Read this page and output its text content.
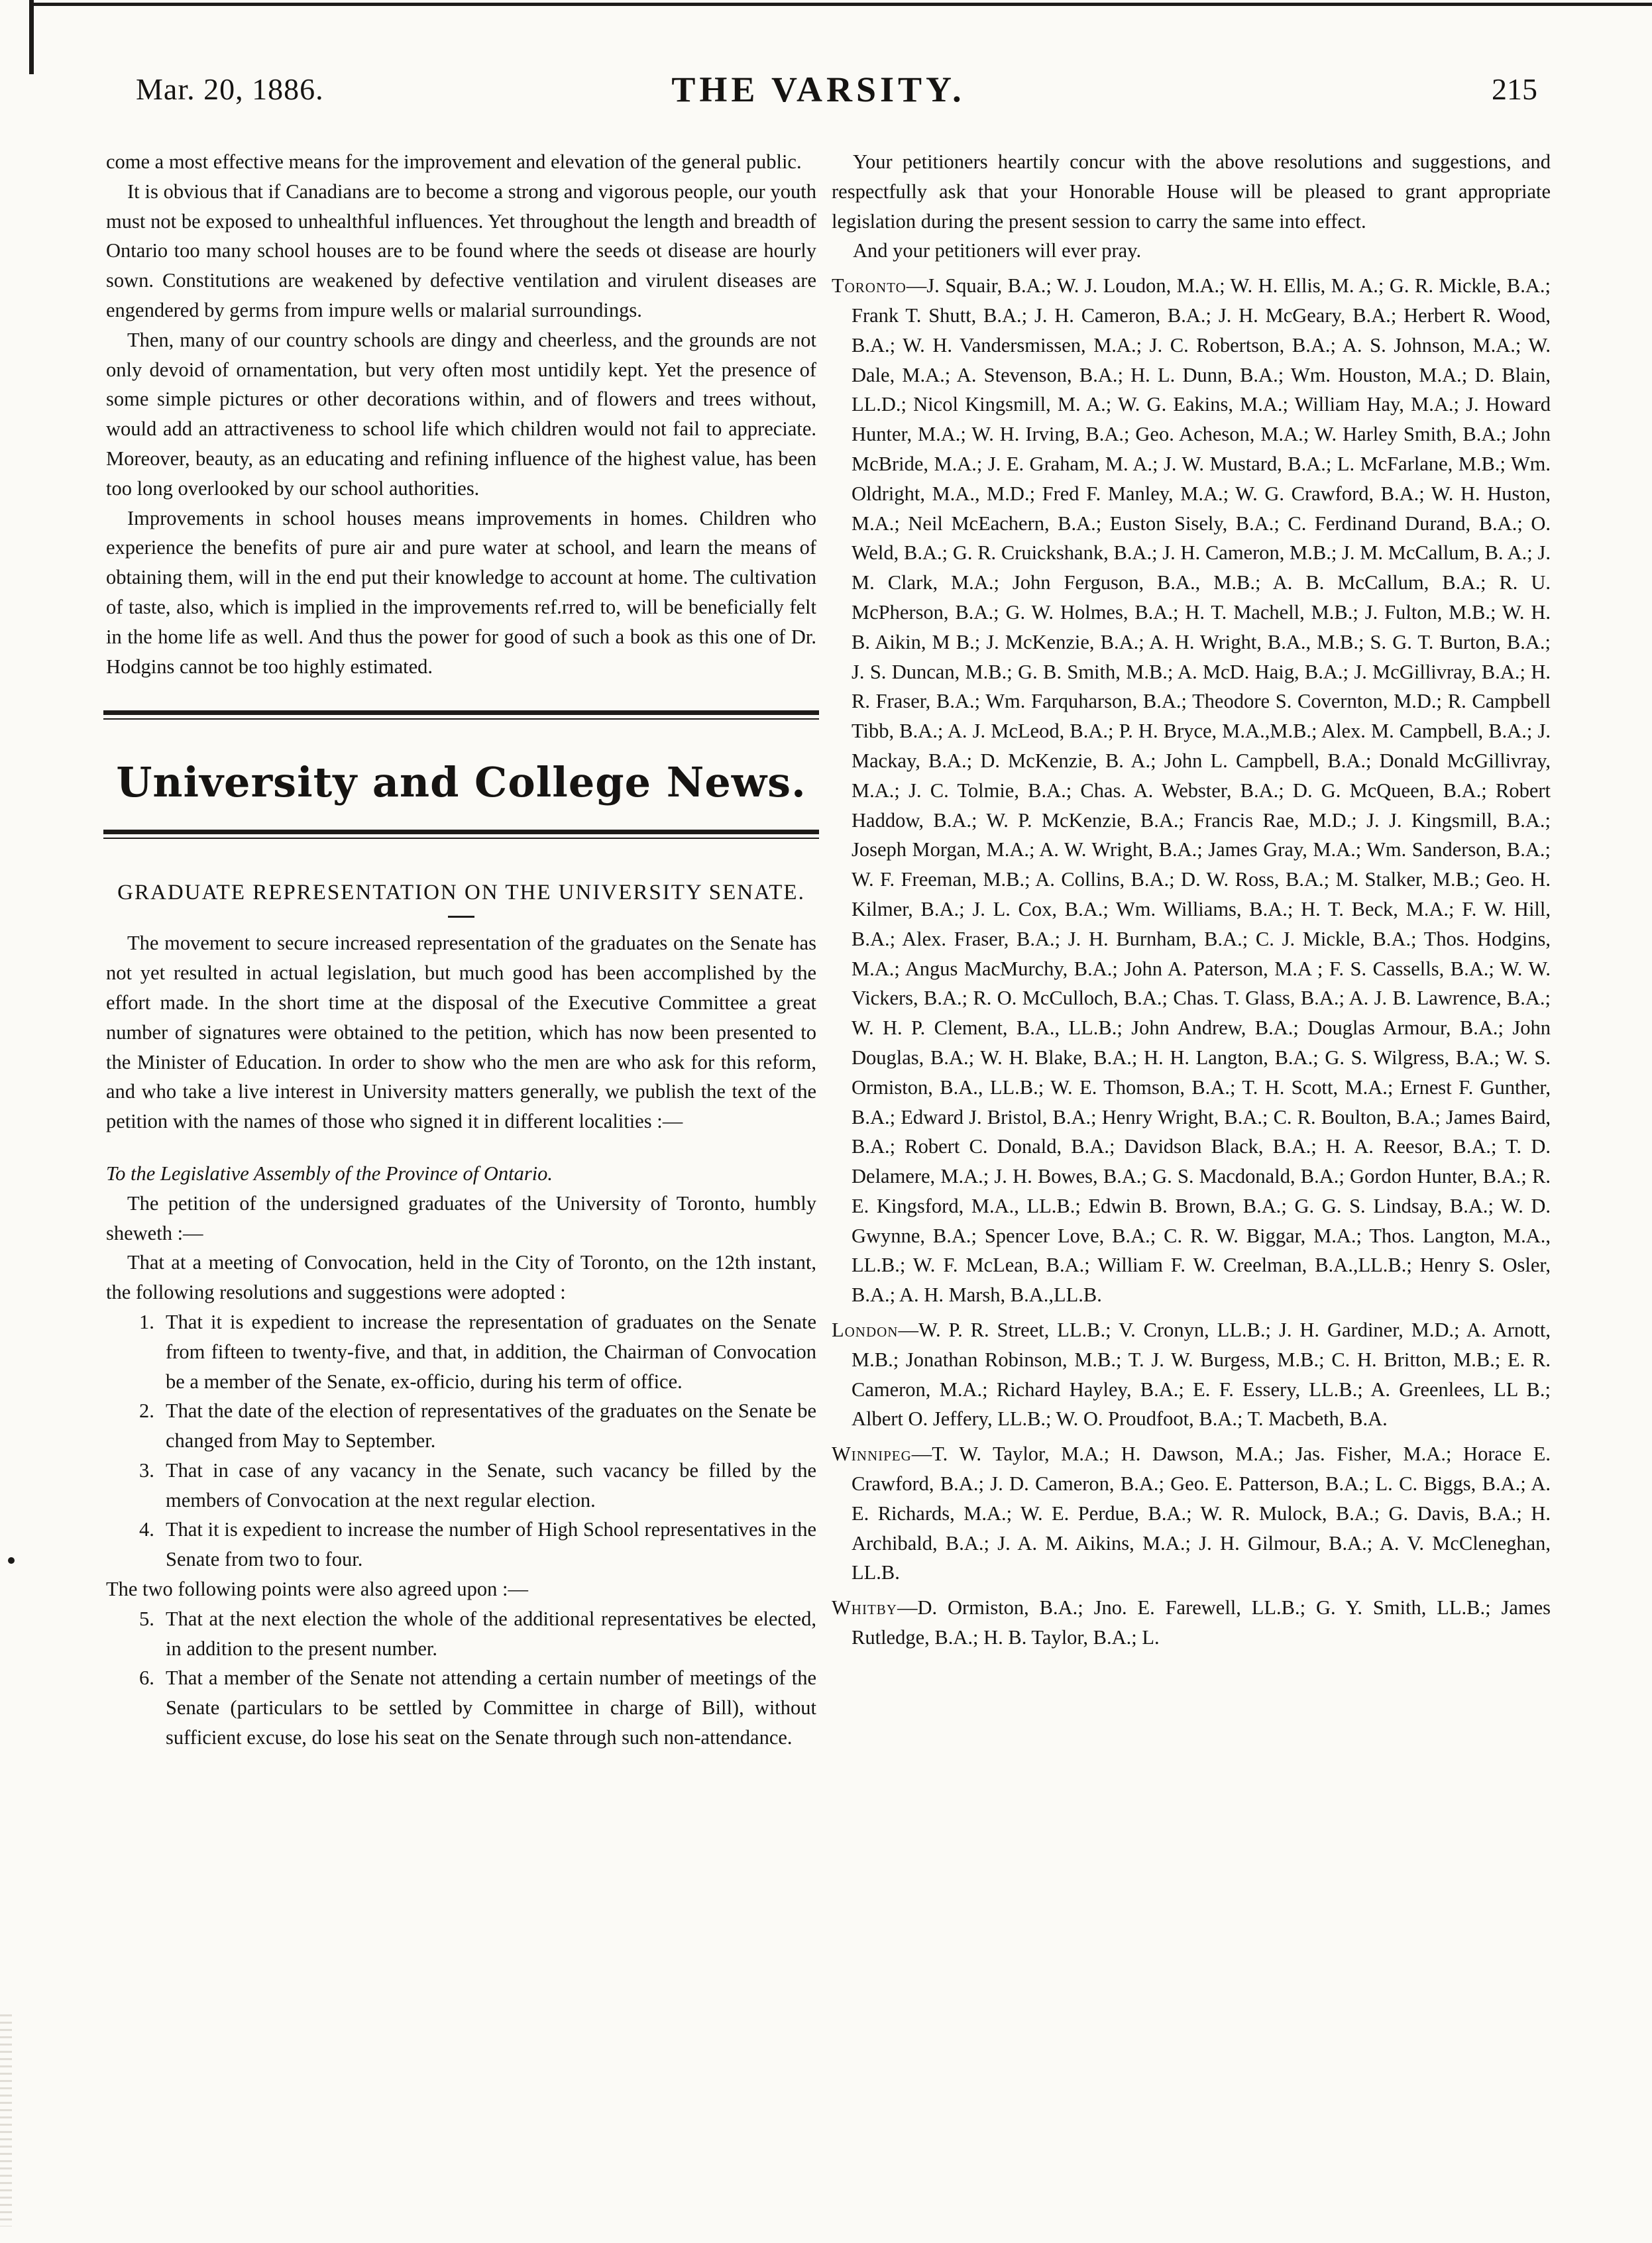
Mar. 20, 1886.	THE VARSITY.	215

come a most effective means for the improvement and elevation of the general public.

It is obvious that if Canadians are to become a strong and vigorous people, our youth must not be exposed to unhealthful influences. Yet throughout the length and breadth of Ontario too many school houses are to be found where the seeds ot disease are hourly sown. Constitutions are weakened by defective ventilation and virulent diseases are engendered by germs from impure wells or malarial surroundings.

Then, many of our country schools are dingy and cheerless, and the grounds are not only devoid of ornamentation, but very often most untidily kept. Yet the presence of some simple pictures or other decorations within, and of flowers and trees without, would add an attractiveness to school life which children would not fail to appreciate. Moreover, beauty, as an educating and refining influence of the highest value, has been too long overlooked by our school authorities.

Improvements in school houses means improvements in homes. Children who experience the benefits of pure air and pure water at school, and learn the means of obtaining them, will in the end put their knowledge to account at home. The cultivation of taste, also, which is implied in the improvements ref.rred to, will be beneficially felt in the home life as well. And thus the power for good of such a book as this one of Dr. Hodgins cannot be too highly estimated.

University and College News.
GRADUATE REPRESENTATION ON THE UNIVERSITY SENATE.

The movement to secure increased representation of the graduates on the Senate has not yet resulted in actual legislation, but much good has been accomplished by the effort made. In the short time at the disposal of the Executive Committee a great number of signatures were obtained to the petition, which has now been presented to the Minister of Education. In order to show who the men are who ask for this reform, and who take a live interest in University matters generally, we publish the text of the petition with the names of those who signed it in different localities :—

To the Legislative Assembly of the Province of Ontario.

The petition of the undersigned graduates of the University of Toronto, humbly sheweth :—

That at a meeting of Convocation, held in the City of Toronto, on the 12th instant, the following resolutions and suggestions were adopted :

1. That it is expedient to increase the representation of graduates on the Senate from fifteen to twenty-five, and that, in addition, the Chairman of Convocation be a member of the Senate, ex-officio, during his term of office.
2. That the date of the election of representatives of the graduates on the Senate be changed from May to September.
3. That in case of any vacancy in the Senate, such vacancy be filled by the members of Convocation at the next regular election.
4. That it is expedient to increase the number of High School representatives in the Senate from two to four.

The two following points were also agreed upon :—

5. That at the next election the whole of the additional representatives be elected, in addition to the present number.
6. That a member of the Senate not attending a certain number of meetings of the Senate (particulars to be settled by Committee in charge of Bill), without sufficient excuse, do lose his seat on the Senate through such non-attendance.

Your petitioners heartily concur with the above resolutions and suggestions, and respectfully ask that your Honorable House will be pleased to grant appropriate legislation during the present session to carry the same into effect.

And your petitioners will ever pray.

Toronto—J. Squair, B.A.; W. J. Loudon, M.A.; W. H. Ellis, M. A.; G. R. Mickle, B.A.; Frank T. Shutt, B.A.; J. H. Cameron, B.A.; J. H. McGeary, B.A.; Herbert R. Wood, B.A.; W. H. Vandersmissen, M.A.; J. C. Robertson, B.A.; A. S. Johnson, M.A.; W. Dale, M.A.; A. Stevenson, B.A.; H. L. Dunn, B.A.; Wm. Houston, M.A.; D. Blain, LL.D.; Nicol Kingsmill, M. A.; W. G. Eakins, M.A.; William Hay, M.A.; J. Howard Hunter, M.A.; W. H. Irving, B.A.; Geo. Acheson, M.A.; W. Harley Smith, B.A.; John McBride, M.A.; J. E. Graham, M. A.; J. W. Mustard, B.A.; L. McFarlane, M.B.; Wm. Oldright, M.A., M.D.; Fred F. Manley, M.A.; W. G. Crawford, B.A.; W. H. Huston, M.A.; Neil McEachern, B.A.; Euston Sisely, B.A.; C. Ferdinand Durand, B.A.; O. Weld, B.A.; G. R. Cruickshank, B.A.; J. H. Cameron, M.B.; J. M. McCallum, B. A.; J. M. Clark, M.A.; John Ferguson, B.A., M.B.; A. B. McCallum, B.A.; R. U. McPherson, B.A.; G. W. Holmes, B.A.; H. T. Machell, M.B.; J. Fulton, M.B.; W. H. B. Aikin, M B.; J. McKenzie, B.A.; A. H. Wright, B.A., M.B.; S. G. T. Burton, B.A.; J. S. Duncan, M.B.; G. B. Smith, M.B.; A. McD. Haig, B.A.; J. McGillivray, B.A.; H. R. Fraser, B.A.; Wm. Farquharson, B.A.; Theodore S. Covernton, M.D.; R. Campbell Tibb, B.A.; A. J. McLeod, B.A.; P. H. Bryce, M.A.,M.B.; Alex. M. Campbell, B.A.; J. Mackay, B.A.; D. McKenzie, B. A.; John L. Campbell, B.A.; Donald McGillivray, M.A.; J. C. Tolmie, B.A.; Chas. A. Webster, B.A.; D. G. McQueen, B.A.; Robert Haddow, B.A.; W. P. McKenzie, B.A.; Francis Rae, M.D.; J. J. Kingsmill, B.A.; Joseph Morgan, M.A.; A. W. Wright, B.A.; James Gray, M.A.; Wm. Sanderson, B.A.; W. F. Freeman, M.B.; A. Collins, B.A.; D. W. Ross, B.A.; M. Stalker, M.B.; Geo. H. Kilmer, B.A.; J. L. Cox, B.A.; Wm. Williams, B.A.; H. T. Beck, M.A.; F. W. Hill, B.A.; Alex. Fraser, B.A.; J. H. Burnham, B.A.; C. J. Mickle, B.A.; Thos. Hodgins, M.A.; Angus MacMurchy, B.A.; John A. Paterson, M.A ; F. S. Cassells, B.A.; W. W. Vickers, B.A.; R. O. McCulloch, B.A.; Chas. T. Glass, B.A.; A. J. B. Lawrence, B.A.; W. H. P. Clement, B.A., LL.B.; John Andrew, B.A.; Douglas Armour, B.A.; John Douglas, B.A.; W. H. Blake, B.A.; H. H. Langton, B.A.; G. S. Wilgress, B.A.; W. S. Ormiston, B.A., LL.B.; W. E. Thomson, B.A.; T. H. Scott, M.A.; Ernest F. Gunther, B.A.; Edward J. Bristol, B.A.; Henry Wright, B.A.; C. R. Boulton, B.A.; James Baird, B.A.; Robert C. Donald, B.A.; Davidson Black, B.A.; H. A. Reesor, B.A.; T. D. Delamere, M.A.; J. H. Bowes, B.A.; G. S. Macdonald, B.A.; Gordon Hunter, B.A.; R. E. Kingsford, M.A., LL.B.; Edwin B. Brown, B.A.; G. G. S. Lindsay, B.A.; W. D. Gwynne, B.A.; Spencer Love, B.A.; C. R. W. Biggar, M.A.; Thos. Langton, M.A., LL.B.; W. F. McLean, B.A.; William F. W. Creelman, B.A.,LL.B.; Henry S. Osler, B.A.; A. H. Marsh, B.A.,LL.B.

London—W. P. R. Street, LL.B.; V. Cronyn, LL.B.; J. H. Gardiner, M.D.; A. Arnott, M.B.; Jonathan Robinson, M.B.; T. J. W. Burgess, M.B.; C. H. Britton, M.B.; E. R. Cameron, M.A.; Richard Hayley, B.A.; E. F. Essery, LL.B.; A. Greenlees, LL B.; Albert O. Jeffery, LL.B.; W. O. Proudfoot, B.A.; T. Macbeth, B.A.

Winnipeg—T. W. Taylor, M.A.; H. Dawson, M.A.; Jas. Fisher, M.A.; Horace E. Crawford, B.A.; J. D. Cameron, B.A.; Geo. E. Patterson, B.A.; L. C. Biggs, B.A.; A. E. Richards, M.A.; W. E. Perdue, B.A.; W. R. Mulock, B.A.; G. Davis, B.A.; H. Archibald, B.A.; J. A. M. Aikins, M.A.; J. H. Gilmour, B.A.; A. V. McCleneghan, LL.B.

Whitby—D. Ormiston, B.A.; Jno. E. Farewell, LL.B.; G. Y. Smith, LL.B.; James Rutledge, B.A.; H. B. Taylor, B.A.; L.
